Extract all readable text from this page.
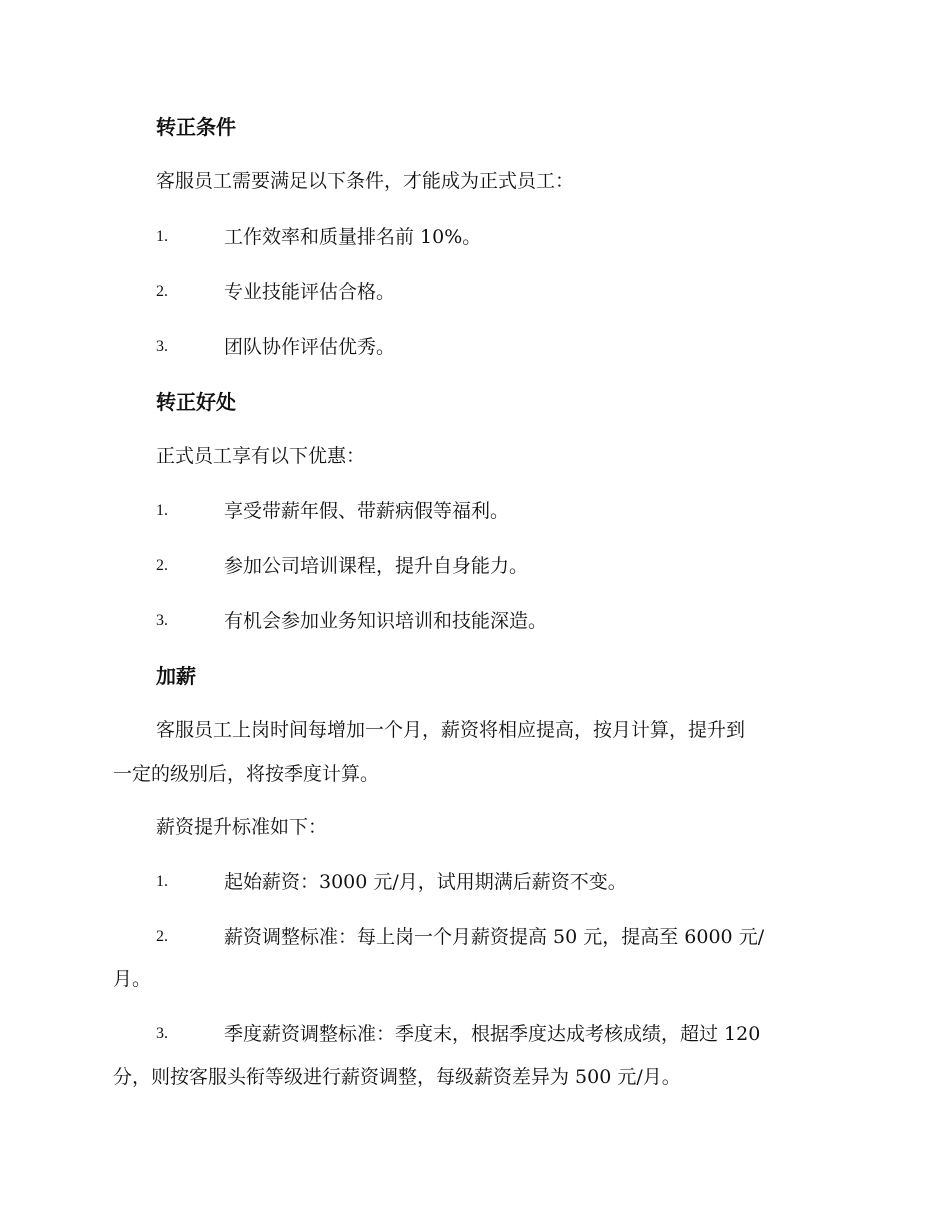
转正条件
客服员工需要满足以下条件，才能成为正式员工：
1.	工作效率和质量排名前 10%。
2.	专业技能评估合格。
3.	团队协作评估优秀。
转正好处
正式员工享有以下优惠：
1.	享受带薪年假、带薪病假等福利。
2.	参加公司培训课程，提升自身能力。
3.	有机会参加业务知识培训和技能深造。
加薪
客服员工上岗时间每增加一个月，薪资将相应提高，按月计算，提升到
一定的级别后，将按季度计算。
薪资提升标准如下：
1.	起始薪资：3000 元/月，试用期满后薪资不变。
2.	薪资调整标准：每上岗一个月薪资提高 50 元，提高至 6000 元/
月。
3.	季度薪资调整标准：季度末，根据季度达成考核成绩，超过 120
分，则按客服头衔等级进行薪资调整，每级薪资差异为 500 元/月。
